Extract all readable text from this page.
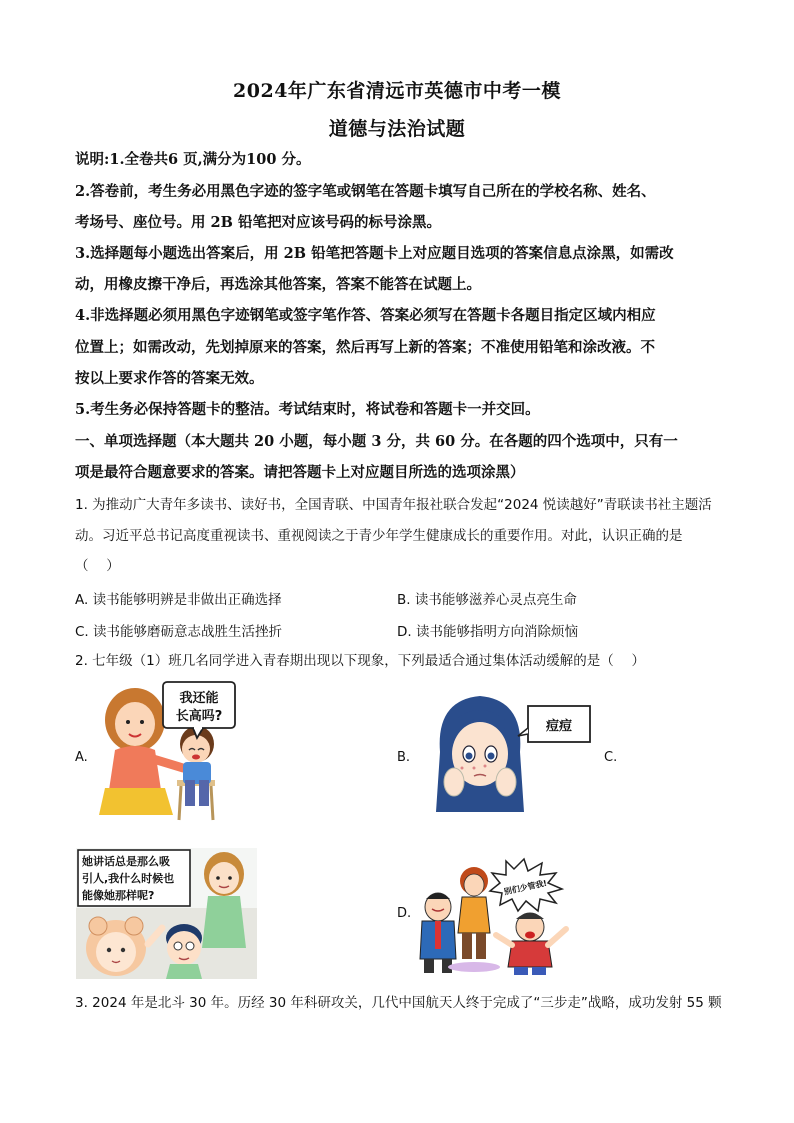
2024年广东省清远市英德市中考一模
道德与法治试题
说明:1.全卷共6 页,满分为100 分。
2.答卷前，考生务必用黑色字迹的签字笔或钢笔在答题卡填写自己所在的学校名称、姓名、
考场号、座位号。用 2B 铅笔把对应该号码的标号涂黑。
3.选择题每小题选出答案后，用 2B 铅笔把答题卡上对应题目选项的答案信息点涂黑，如需改
动，用橡皮擦干净后，再选涂其他答案，答案不能答在试题上。
4.非选择题必须用黑色字迹钢笔或签字笔作答、答案必须写在答题卡各题目指定区域内相应
位置上；如需改动，先划掉原来的答案，然后再写上新的答案；不准使用铅笔和涂改液。不
按以上要求作答的答案无效。
5.考生务必保持答题卡的整洁。考试结束时，将试卷和答题卡一并交回。
一、单项选择题（本大题共 20 小题，每小题 3 分，共 60 分。在各题的四个选项中，只有一
项是最符合题意要求的答案。请把答题卡上对应题目所选的选项涂黑）
1. 为推动广大青年多读书、读好书，全国青联、中国青年报社联合发起“2024 悦读越好”青联读书社主题活
动。习近平总书记高度重视读书、重视阅读之于青少年学生健康成长的重要作用。对此，认识正确的是
（　 ）
A. 读书能够明辨是非做出正确选择	B. 读书能够滋养心灵点亮生命
C. 读书能够磨砺意志战胜生活挫折	D. 读书能够指明方向消除烦恼
2. 七年级（1）班几名同学进入青春期出现以下现象，下列最适合通过集体活动缓解的是（　 ）
A.
我还能
长高吗?
B.
痘痘
C.
她讲话总是那么吸
引人,我什么时候也
能像她那样呢?
D.
别们少管我!
3. 2024 年是北斗 30 年。历经 30 年科研攻关，几代中国航天人终于完成了“三步走”战略，成功发射 55 颗
